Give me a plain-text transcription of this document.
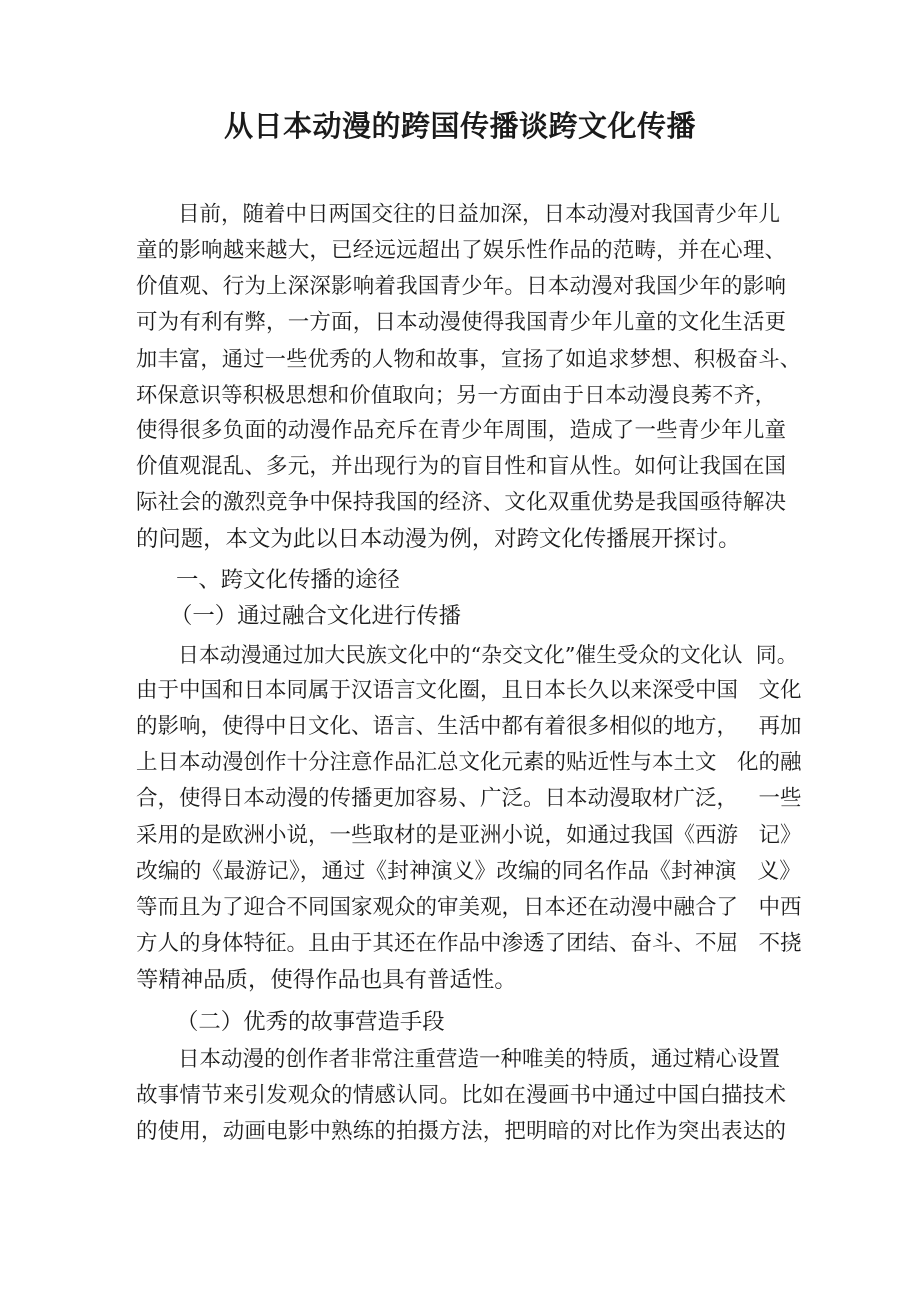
从日本动漫的跨国传播谈跨文化传播

目前，随着中日两国交往的日益加深，日本动漫对我国青少年儿

童的影响越来越大，已经远远超出了娱乐性作品的范畴，并在心理、

价值观、行为上深深影响着我国青少年。日本动漫对我国少年的影响

可为有利有弊，一方面，日本动漫使得我国青少年儿童的文化生活更

加丰富，通过一些优秀的人物和故事，宣扬了如追求梦想、积极奋斗、

环保意识等积极思想和价值取向；另一方面由于日本动漫良莠不齐，

使得很多负面的动漫作品充斥在青少年周围，造成了一些青少年儿童

价值观混乱、多元，并出现行为的盲目性和盲从性。如何让我国在国

际社会的激烈竞争中保持我国的经济、文化双重优势是我国亟待解决

的问题，本文为此以日本动漫为例，对跨文化传播展开探讨。

一、跨文化传播的途径

（一）通过融合文化进行传播

日本动漫通过加大民族文化中的“杂交文化”催生受众的文化认  同。

由于中国和日本同属于汉语言文化圈，且日本长久以来深受中国   文化

的影响，使得中日文化、语言、生活中都有着很多相似的地方，   再加

上日本动漫创作十分注意作品汇总文化元素的贴近性与本土文   化的融

合，使得日本动漫的传播更加容易、广泛。日本动漫取材广泛，   一些

采用的是欧洲小说，一些取材的是亚洲小说，如通过我国《西游   记》

改编的《最游记》，通过《封神演义》改编的同名作品《封神演   义》

等而且为了迎合不同国家观众的审美观，日本还在动漫中融合了   中西

方人的身体特征。且由于其还在作品中渗透了团结、奋斗、不屈   不挠

等精神品质，使得作品也具有普适性。

（二）优秀的故事营造手段

日本动漫的创作者非常注重营造一种唯美的特质，通过精心设置

故事情节来引发观众的情感认同。比如在漫画书中通过中国白描技术

的使用，动画电影中熟练的拍摄方法，把明暗的对比作为突出表达的
